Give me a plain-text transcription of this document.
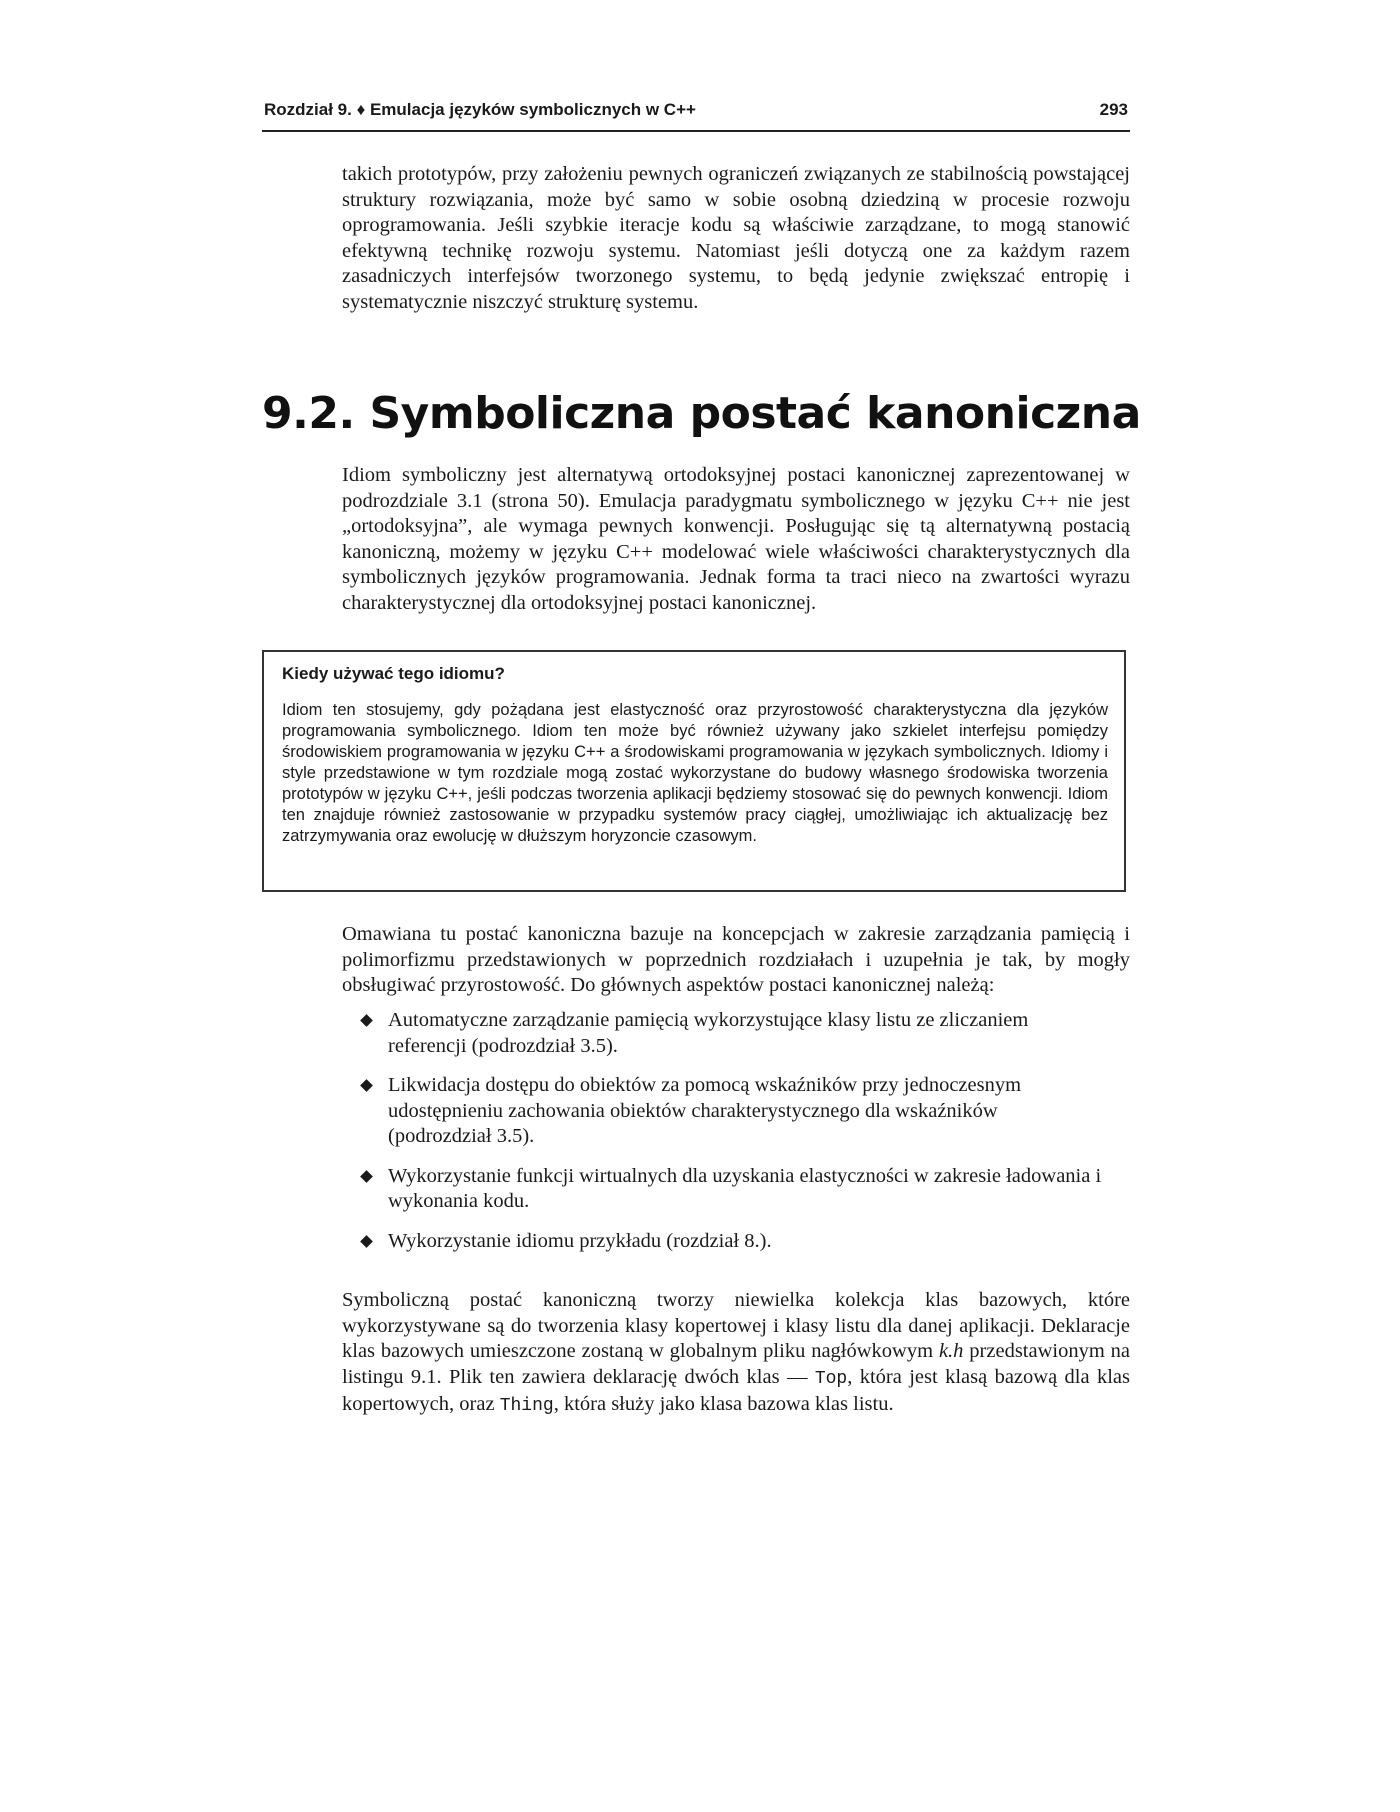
Rozdział 9. ♦ Emulacja języków symbolicznych w C++	293

takich prototypów, przy założeniu pewnych ograniczeń związanych ze stabilnością powstającej struktury rozwiązania, może być samo w sobie osobną dziedziną w procesie rozwoju oprogramowania. Jeśli szybkie iteracje kodu są właściwie zarządzane, to mogą stanowić efektywną technikę rozwoju systemu. Natomiast jeśli dotyczą one za każdym razem zasadniczych interfejsów tworzonego systemu, to będą jedynie zwiększać entropię i systematycznie niszczyć strukturę systemu.

9.2. Symboliczna postać kanoniczna

Idiom symboliczny jest alternatywą ortodoksyjnej postaci kanonicznej zaprezentowanej w podrozdziale 3.1 (strona 50). Emulacja paradygmatu symbolicznego w języku C++ nie jest „ortodoksyjna”, ale wymaga pewnych konwencji. Posługując się tą alternatywną postacią kanoniczną, możemy w języku C++ modelować wiele właściwości charakterystycznych dla symbolicznych języków programowania. Jednak forma ta traci nieco na zwartości wyrazu charakterystycznej dla ortodoksyjnej postaci kanonicznej.

Kiedy używać tego idiomu?

Idiom ten stosujemy, gdy pożądana jest elastyczność oraz przyrostowość charakterystyczna dla języków programowania symbolicznego. Idiom ten może być również używany jako szkielet interfejsu pomiędzy środowiskiem programowania w języku C++ a środowiskami programowania w językach symbolicznych. Idiomy i style przedstawione w tym rozdziale mogą zostać wykorzystane do budowy własnego środowiska tworzenia prototypów w języku C++, jeśli podczas tworzenia aplikacji będziemy stosować się do pewnych konwencji. Idiom ten znajduje również zastosowanie w przypadku systemów pracy ciągłej, umożliwiając ich aktualizację bez zatrzymywania oraz ewolucję w dłuższym horyzoncie czasowym.

Omawiana tu postać kanoniczna bazuje na koncepcjach w zakresie zarządzania pamięcią i polimorfizmu przedstawionych w poprzednich rozdziałach i uzupełnia je tak, by mogły obsługiwać przyrostowość. Do głównych aspektów postaci kanonicznej należą:

Automatyczne zarządzanie pamięcią wykorzystujące klasy listu ze zliczaniem referencji (podrozdział 3.5).
Likwidacja dostępu do obiektów za pomocą wskaźników przy jednoczesnym udostępnieniu zachowania obiektów charakterystycznego dla wskaźników (podrozdział 3.5).
Wykorzystanie funkcji wirtualnych dla uzyskania elastyczności w zakresie ładowania i wykonania kodu.
Wykorzystanie idiomu przykładu (rozdział 8.).

Symboliczną postać kanoniczną tworzy niewielka kolekcja klas bazowych, które wykorzystywane są do tworzenia klasy kopertowej i klasy listu dla danej aplikacji. Deklaracje klas bazowych umieszczone zostaną w globalnym pliku nagłówkowym k.h przedstawionym na listingu 9.1. Plik ten zawiera deklarację dwóch klas — Top, która jest klasą bazową dla klas kopertowych, oraz Thing, która służy jako klasa bazowa klas listu.
